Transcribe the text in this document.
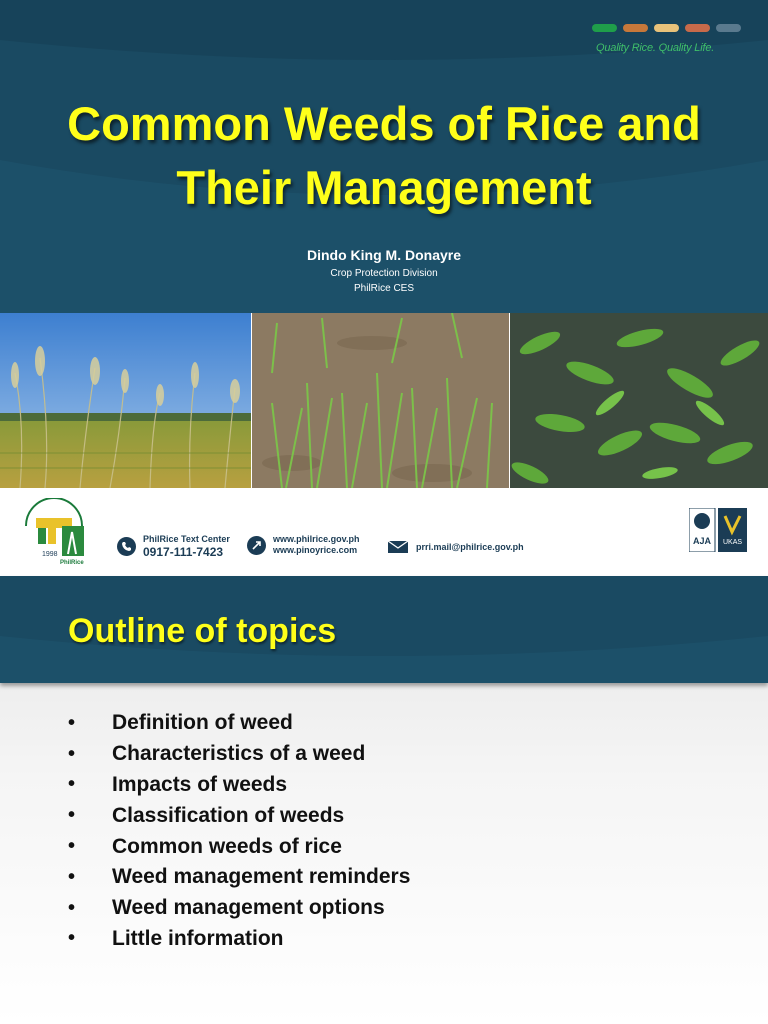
Quality Rice. Quality Life.
Common Weeds of Rice and
Their Management
Dindo King M. Donayre
Crop Protection Division
PhilRice CES
1998
PhilRice
PhilRice Text Center
0917-111-7423
www.philrice.gov.ph
www.pinoyrice.com	prri.mail@philrice.gov.ph
AJA UKAS
Outline of topics
•	Definition of weed
•	Characteristics of a weed
•	Impacts of weeds
•	Classification of weeds
•	Common weeds of rice
•	Weed management reminders
•	Weed management options
•	Little information
